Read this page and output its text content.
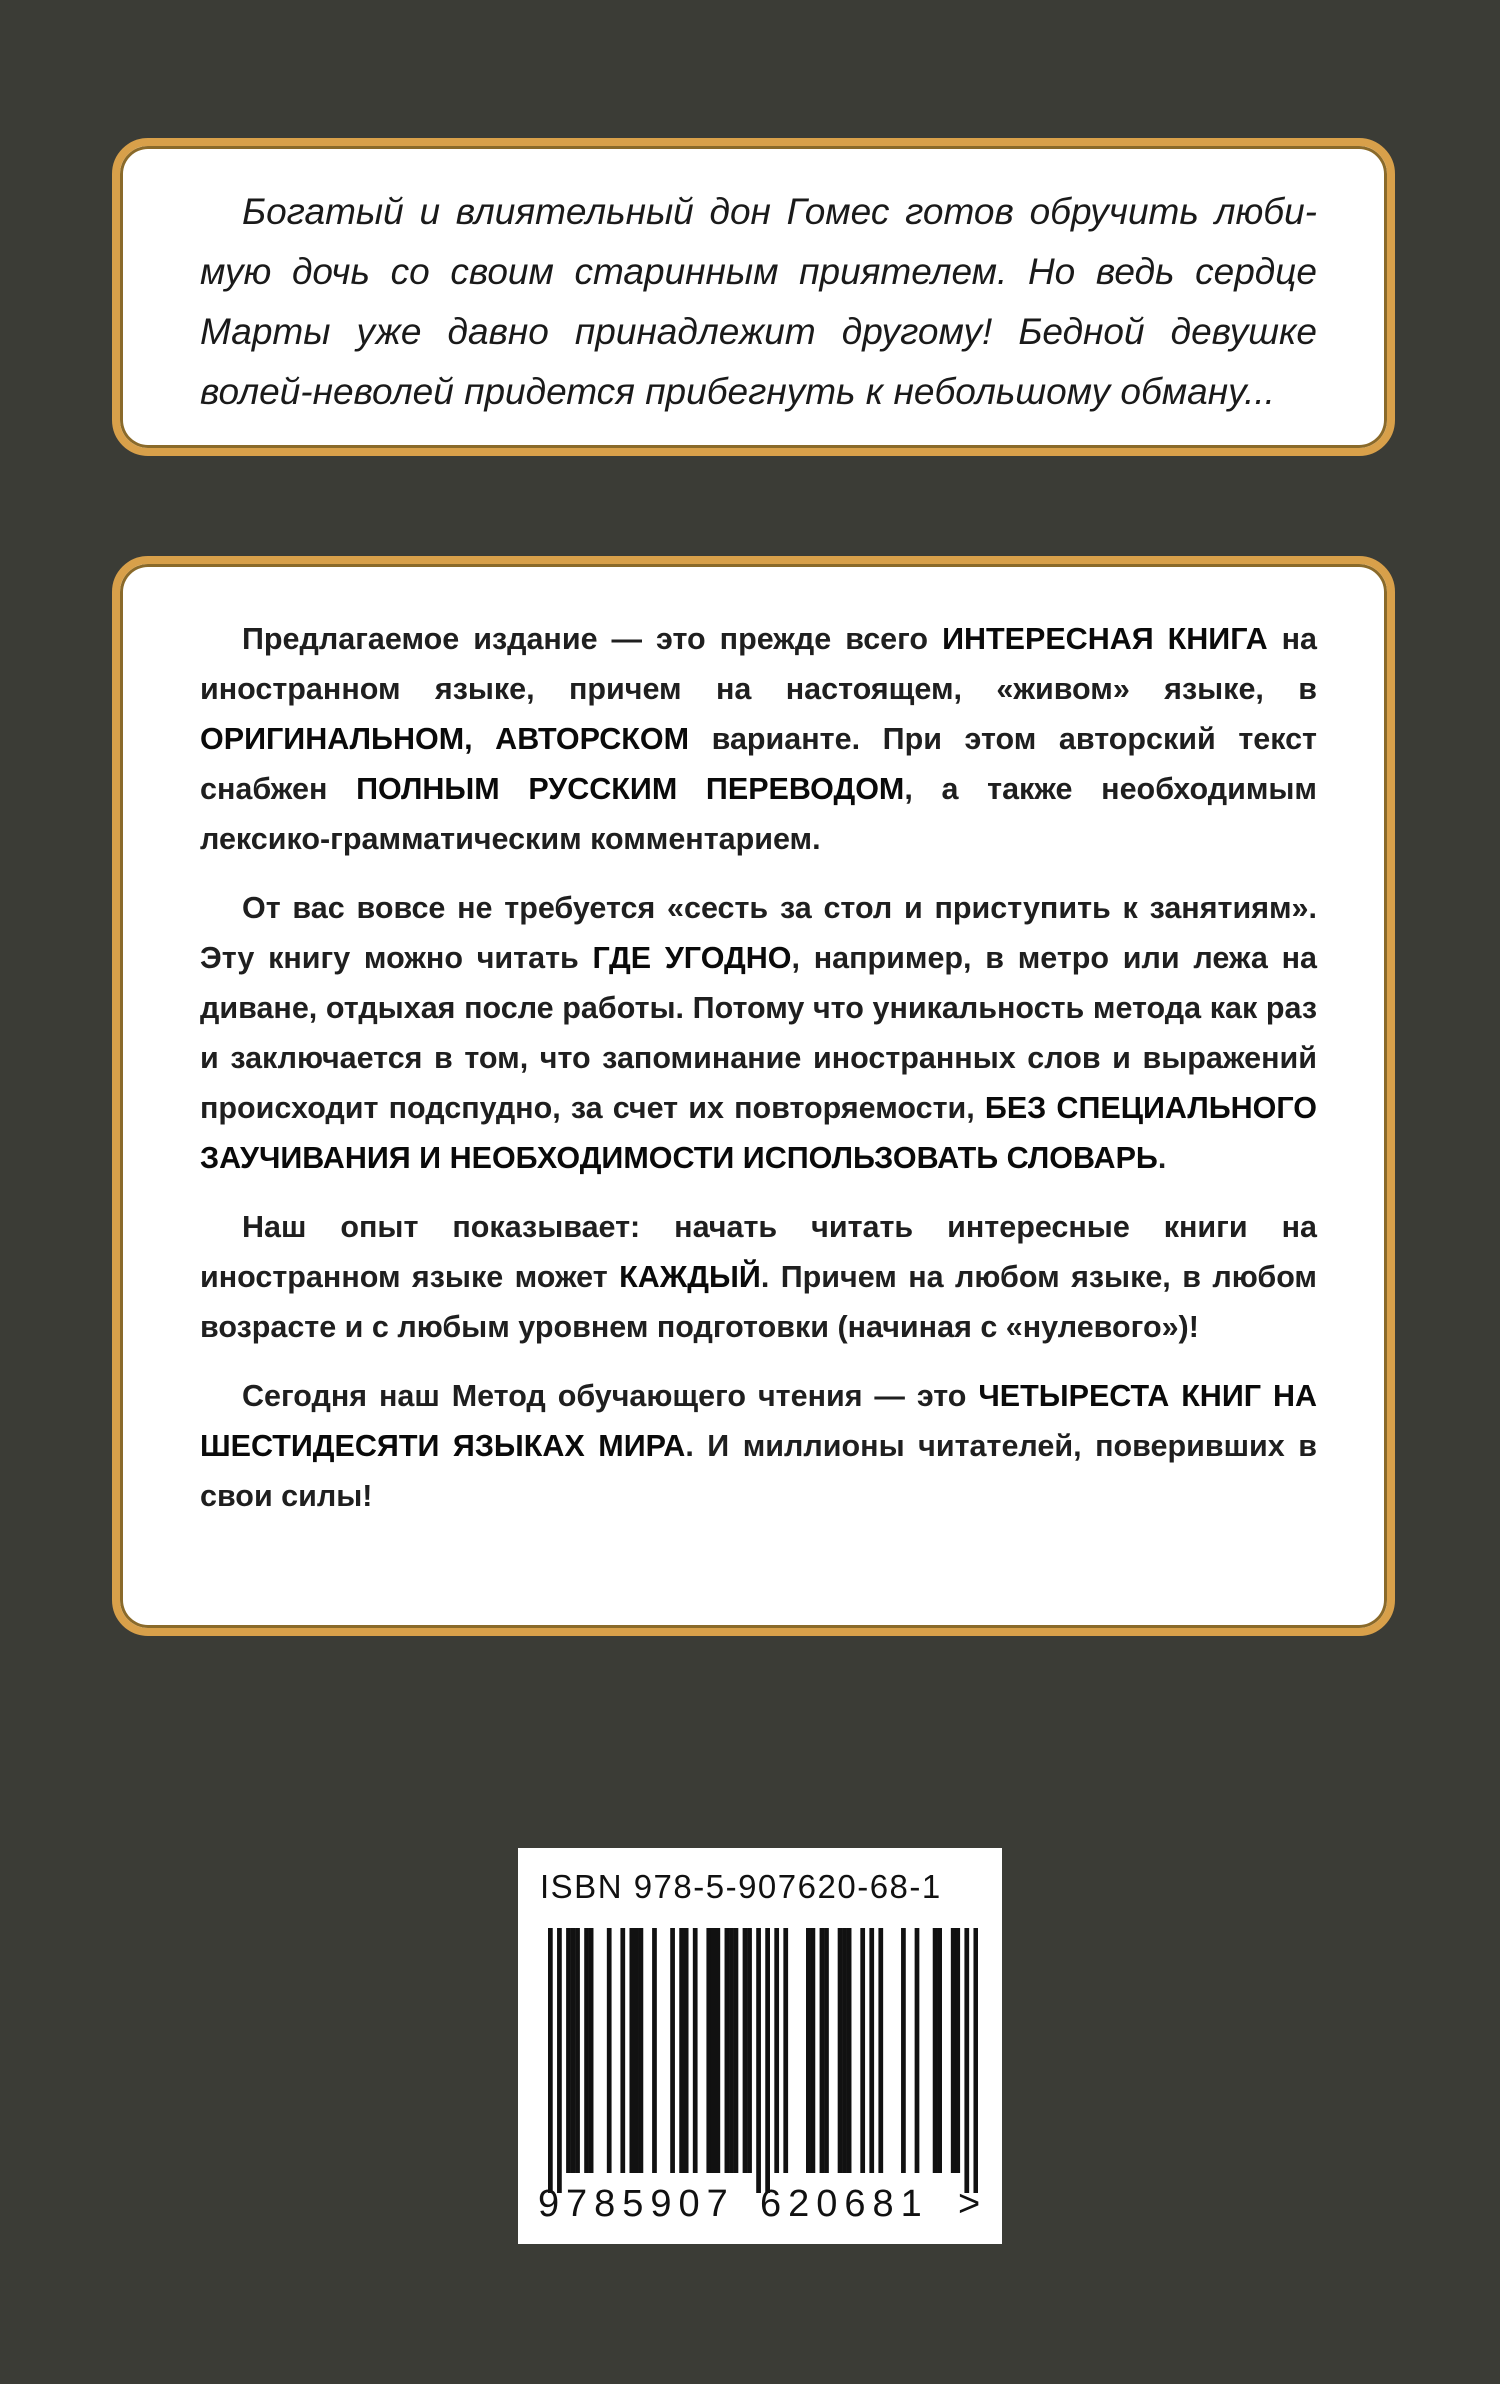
Богатый и влиятельный дон Гомес готов обручить любимую дочь со своим старинным приятелем. Но ведь сердце Марты уже давно принадлежит другому! Бедной девушке волей-неволей придется прибегнуть к небольшому обману...

Предлагаемое издание — это прежде всего ИНТЕРЕСНАЯ КНИГА на иностранном языке, причем на настоящем, «живом» языке, в ОРИГИНАЛЬНОМ, АВТОРСКОМ варианте. При этом авторский текст снабжен ПОЛНЫМ РУССКИМ ПЕРЕВОДОМ, а также необходимым лексико-грамматическим комментарием.

От вас вовсе не требуется «сесть за стол и приступить к занятиям». Эту книгу можно читать ГДЕ УГОДНО, например, в метро или лежа на диване, отдыхая после работы. Потому что уникальность метода как раз и заключается в том, что запоминание иностранных слов и выражений происходит подспудно, за счет их повторяемости, БЕЗ СПЕЦИАЛЬНОГО ЗАУЧИВАНИЯ И НЕОБХОДИМОСТИ ИСПОЛЬЗОВАТЬ СЛОВАРЬ.

Наш опыт показывает: начать читать интересные книги на иностранном языке может КАЖДЫЙ. Причем на любом языке, в любом возрасте и с любым уровнем подготовки (начиная с «нулевого»)!

Сегодня наш Метод обучающего чтения — это ЧЕТЫРЕСТА КНИГ НА ШЕСТИДЕСЯТИ ЯЗЫКАХ МИРА. И миллионы читателей, поверивших в свои силы!

ISBN 978-5-907620-68-1
9 785907 620681 >
